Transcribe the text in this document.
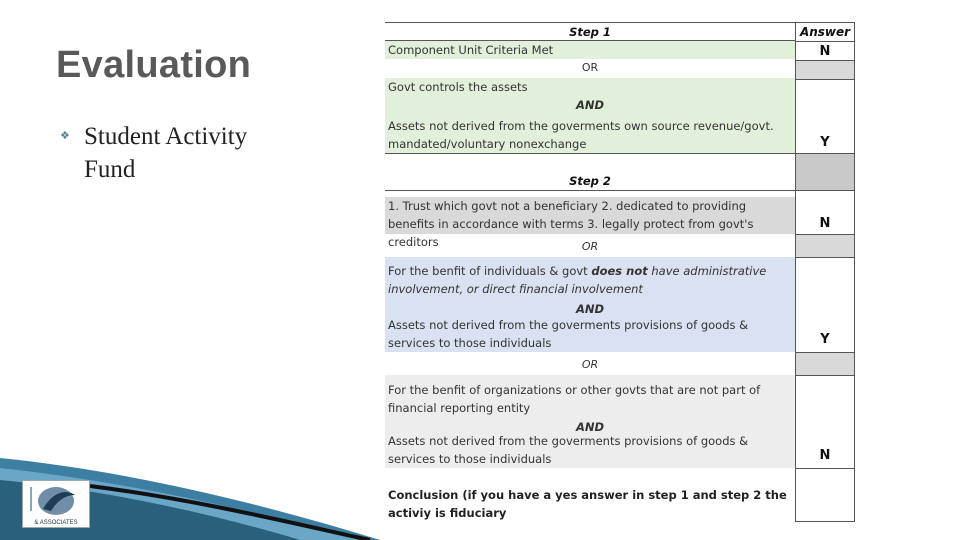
Evaluation
❖ Student Activity Fund
& ASSOCIATES
Step 1
Component Unit Criteria Met
OR
Govt controls the assets
AND
Assets not derived from the goverments own source revenue/govt. mandated/voluntary nonexchange
Answer
N
Y
Step 2
1. Trust which govt not a beneficiary 2. dedicated to providing benefits in accordance with terms 3. legally protect from govt's creditors
N
OR
For the benfit of individuals & govt does not have administrative involvement, or direct financial involvement
AND
Assets not derived from the goverments provisions of goods & services to those individuals	Y
OR
For the benfit of organizations or other govts that are not part of financial reporting entity
AND
Assets not derived from the goverments provisions of goods & services to those individuals	N
Conclusion (if you have a yes answer in step 1 and step 2 the activiy is fiduciary
